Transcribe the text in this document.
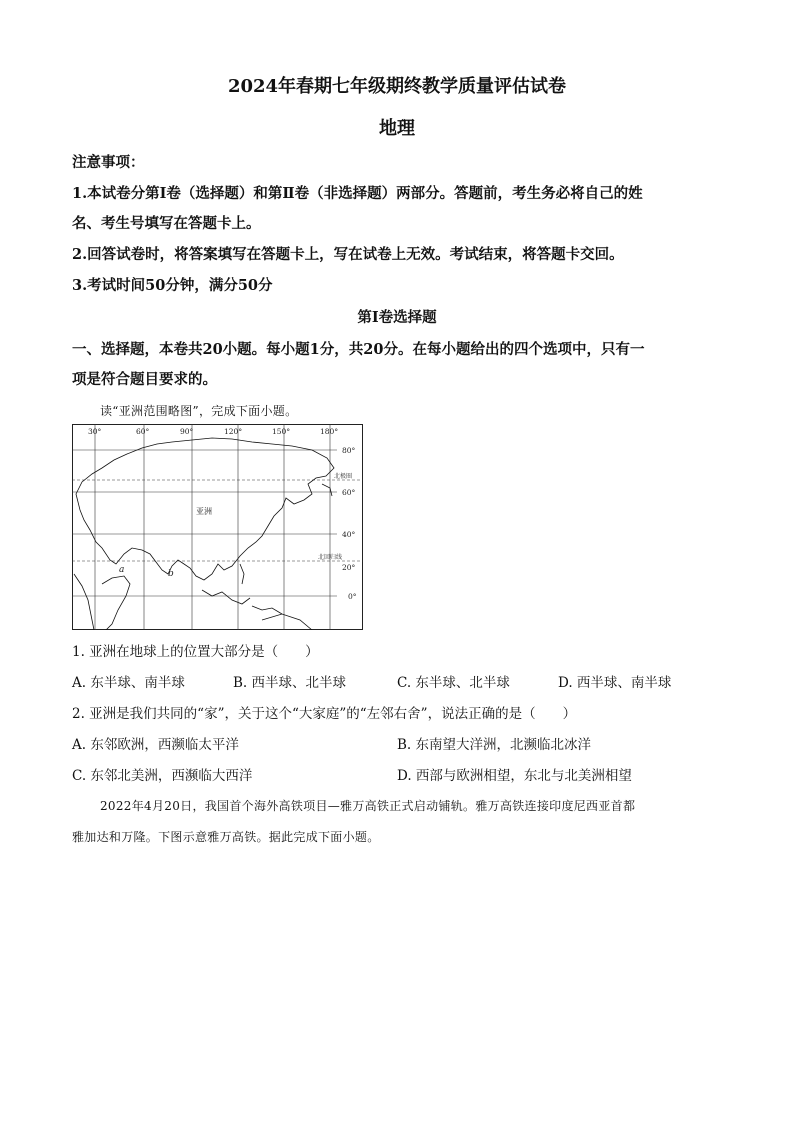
2024年春期七年级期终教学质量评估试卷
地理
注意事项：
1.本试卷分第Ⅰ卷（选择题）和第Ⅱ卷（非选择题）两部分。答题前，考生务必将自己的姓
名、考生号填写在答题卡上。
2.回答试卷时，将答案填写在答题卡上，写在试卷上无效。考试结束，将答题卡交回。
3.考试时间50分钟，满分50分
第Ⅰ卷选择题
一、选择题，本卷共20小题。每小题1分，共20分。在每小题给出的四个选项中，只有一
项是符合题目要求的。
读“亚洲范围略图”，完成下面小题。
30°	60°	90°	120°	150°	180°
80°
60°
40°
20°
0°
北极圈
北回归线
亚洲
a	b
1. 亚洲在地球上的位置大部分是（　　）
A. 东半球、南半球	B. 西半球、北半球	C. 东半球、北半球	D. 西半球、南半球
2. 亚洲是我们共同的“家”，关于这个“大家庭”的“左邻右舍”，说法正确的是（　　）
A. 东邻欧洲，西濒临太平洋	B. 东南望大洋洲，北濒临北冰洋
C. 东邻北美洲，西濒临大西洋	D. 西部与欧洲相望，东北与北美洲相望
2022年4月20日，我国首个海外高铁项目—雅万高铁正式启动铺轨。雅万高铁连接印度尼西亚首都
雅加达和万隆。下图示意雅万高铁。据此完成下面小题。
